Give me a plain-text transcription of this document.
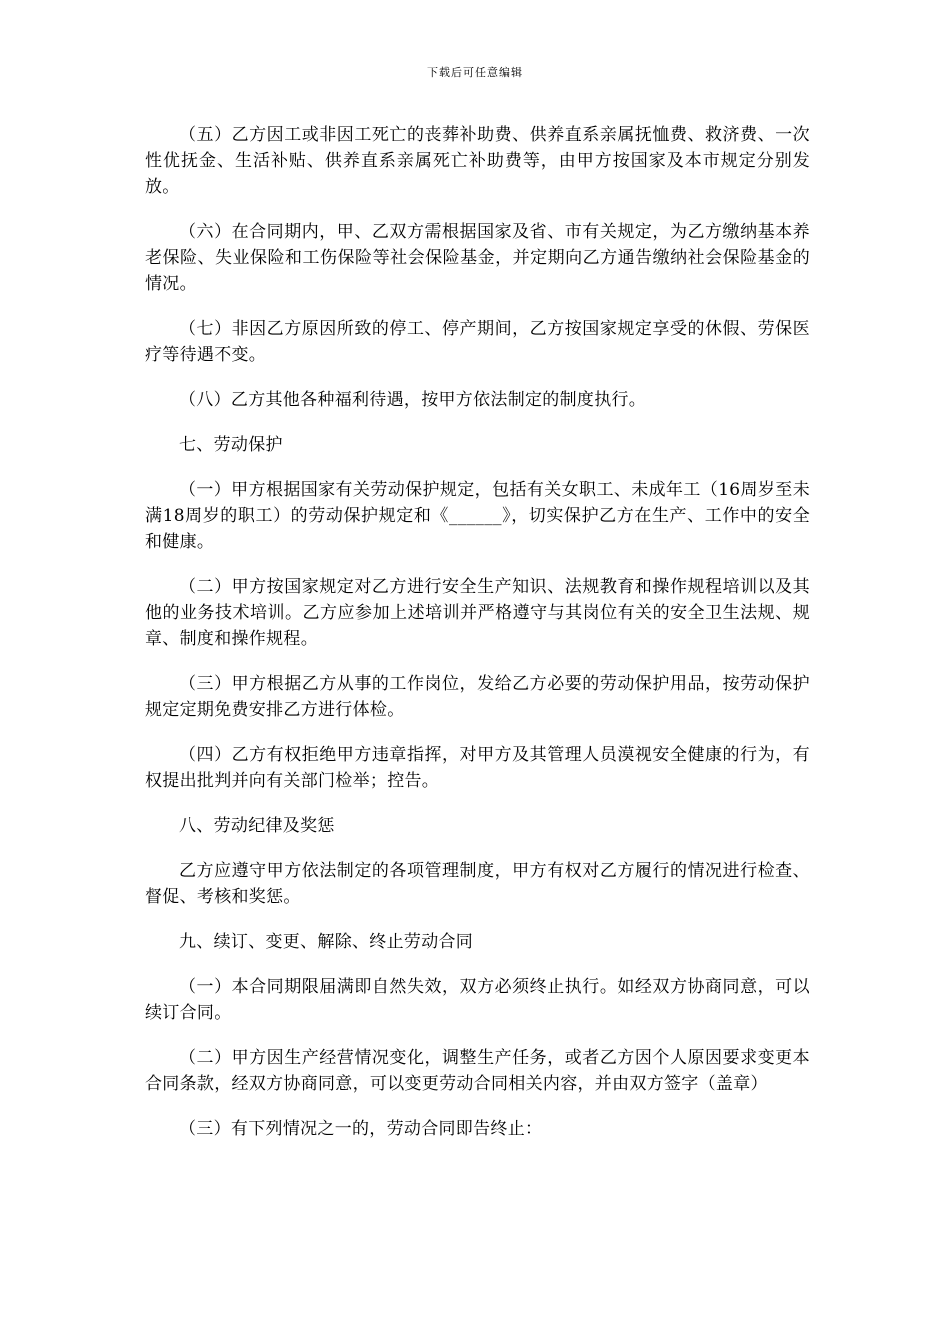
下载后可任意编辑

（五）乙方因工或非因工死亡的丧葬补助费、供养直系亲属抚恤费、救济费、一次性优抚金、生活补贴、供养直系亲属死亡补助费等，由甲方按国家及本市规定分别发放。

（六）在合同期内，甲、乙双方需根据国家及省、市有关规定，为乙方缴纳基本养老保险、失业保险和工伤保险等社会保险基金，并定期向乙方通告缴纳社会保险基金的情况。

（七）非因乙方原因所致的停工、停产期间，乙方按国家规定享受的休假、劳保医疗等待遇不变。

（八）乙方其他各种福利待遇，按甲方依法制定的制度执行。

七、劳动保护

（一）甲方根据国家有关劳动保护规定，包括有关女职工、未成年工（16周岁至未满18周岁的职工）的劳动保护规定和《______》，切实保护乙方在生产、工作中的安全和健康。

（二）甲方按国家规定对乙方进行安全生产知识、法规教育和操作规程培训以及其他的业务技术培训。乙方应参加上述培训并严格遵守与其岗位有关的安全卫生法规、规章、制度和操作规程。

（三）甲方根据乙方从事的工作岗位，发给乙方必要的劳动保护用品，按劳动保护规定定期免费安排乙方进行体检。

（四）乙方有权拒绝甲方违章指挥，对甲方及其管理人员漠视安全健康的行为，有权提出批判并向有关部门检举；控告。

八、劳动纪律及奖惩

乙方应遵守甲方依法制定的各项管理制度，甲方有权对乙方履行的情况进行检查、督促、考核和奖惩。

九、续订、变更、解除、终止劳动合同

（一）本合同期限届满即自然失效，双方必须终止执行。如经双方协商同意，可以续订合同。

（二）甲方因生产经营情况变化，调整生产任务，或者乙方因个人原因要求变更本合同条款，经双方协商同意，可以变更劳动合同相关内容，并由双方签字（盖章）

（三）有下列情况之一的，劳动合同即告终止：
